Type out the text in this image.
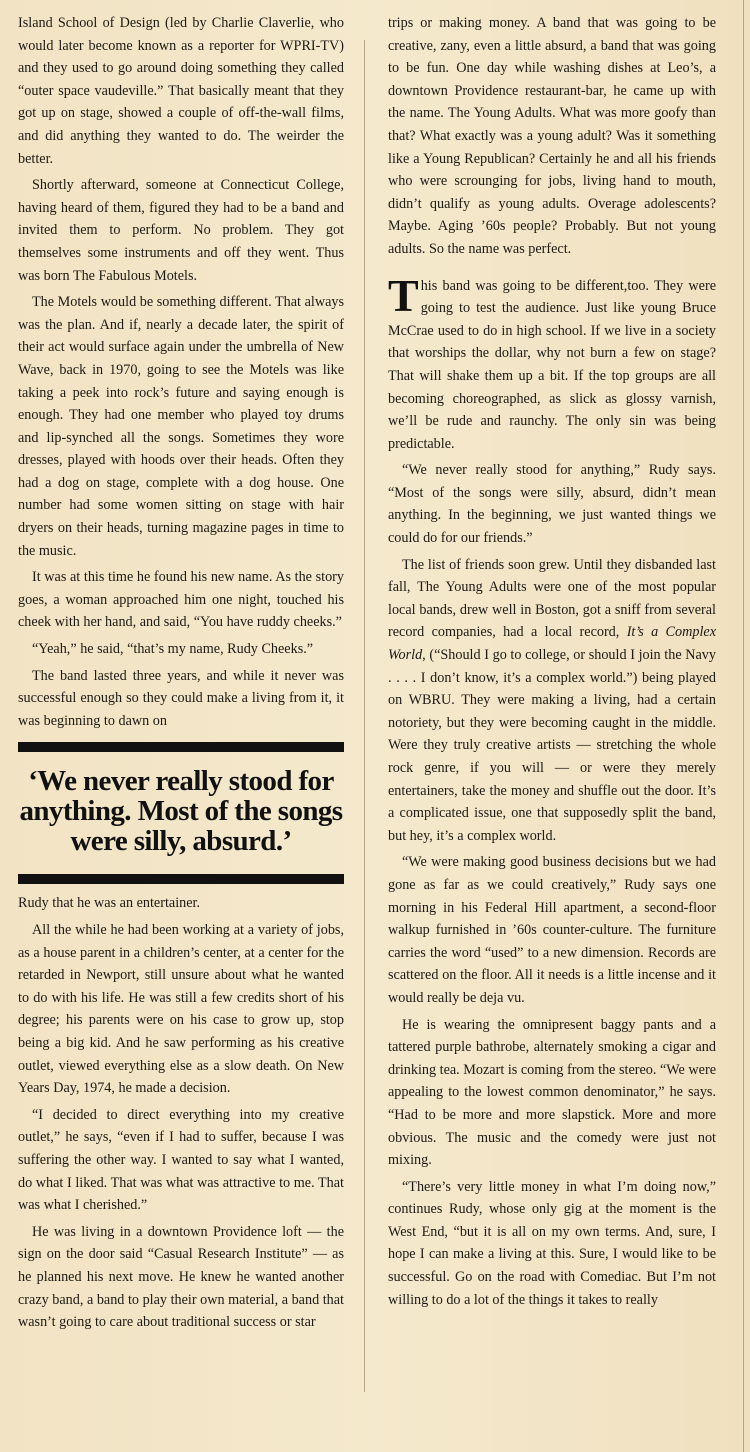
Island School of Design (led by Charlie Claverlie, who would later become known as a reporter for WPRI-TV) and they used to go around doing something they called “outer space vaudeville.” That basically meant that they got up on stage, showed a couple of off-the-wall films, and did anything they wanted to do. The weirder the better.

Shortly afterward, someone at Connecticut College, having heard of them, figured they had to be a band and invited them to perform. No problem. They got themselves some instruments and off they went. Thus was born The Fabulous Motels.

The Motels would be something different. That always was the plan. And if, nearly a decade later, the spirit of their act would surface again under the umbrella of New Wave, back in 1970, going to see the Motels was like taking a peek into rock’s future and saying enough is enough. They had one member who played toy drums and lip-synched all the songs. Sometimes they wore dresses, played with hoods over their heads. Often they had a dog on stage, complete with a dog house. One number had some women sitting on stage with hair dryers on their heads, turning magazine pages in time to the music.

It was at this time he found his new name. As the story goes, a woman approached him one night, touched his cheek with her hand, and said, “You have ruddy cheeks.”

“Yeah,” he said, “that’s my name, Rudy Cheeks.”

The band lasted three years, and while it never was successful enough so they could make a living from it, it was beginning to dawn on

‘We never really stood for anything. Most of the songs were silly, absurd.’

Rudy that he was an entertainer.

All the while he had been working at a variety of jobs, as a house parent in a children’s center, at a center for the retarded in Newport, still unsure about what he wanted to do with his life. He was still a few credits short of his degree; his parents were on his case to grow up, stop being a big kid. And he saw performing as his creative outlet, viewed everything else as a slow death. On New Years Day, 1974, he made a decision.

“I decided to direct everything into my creative outlet,” he says, “even if I had to suffer, because I was suffering the other way. I wanted to say what I wanted, do what I liked. That was what was attractive to me. That was what I cherished.”

He was living in a downtown Providence loft — the sign on the door said “Casual Research Institute” — as he planned his next move. He knew he wanted another crazy band, a band to play their own material, a band that wasn’t going to care about traditional success or star

trips or making money. A band that was going to be creative, zany, even a little absurd, a band that was going to be fun. One day while washing dishes at Leo’s, a downtown Providence restaurant-bar, he came up with the name. The Young Adults. What was more goofy than that? What exactly was a young adult? Was it something like a Young Republican? Certainly he and all his friends who were scrounging for jobs, living hand to mouth, didn’t qualify as young adults. Overage adolescents? Maybe. Aging ’60s people? Probably. But not young adults. So the name was perfect.

This band was going to be different,too. They were going to test the audience. Just like young Bruce McCrae used to do in high school. If we live in a society that worships the dollar, why not burn a few on stage? That will shake them up a bit. If the top groups are all becoming choreographed, as slick as glossy varnish, we’ll be rude and raunchy. The only sin was being predictable.

“We never really stood for anything,” Rudy says. “Most of the songs were silly, absurd, didn’t mean anything. In the beginning, we just wanted things we could do for our friends.”

The list of friends soon grew. Until they disbanded last fall, The Young Adults were one of the most popular local bands, drew well in Boston, got a sniff from several record companies, had a local record, It’s a Complex World, (“Should I go to college, or should I join the Navy . . . . I don’t know, it’s a complex world.”) being played on WBRU. They were making a living, had a certain notoriety, but they were becoming caught in the middle. Were they truly creative artists — stretching the whole rock genre, if you will — or were they merely entertainers, take the money and shuffle out the door. It’s a complicated issue, one that supposedly split the band, but hey, it’s a complex world.

“We were making good business decisions but we had gone as far as we could creatively,” Rudy says one morning in his Federal Hill apartment, a second-floor walkup furnished in ’60s counter-culture. The furniture carries the word “used” to a new dimension. Records are scattered on the floor. All it needs is a little incense and it would really be deja vu.

He is wearing the omnipresent baggy pants and a tattered purple bathrobe, alternately smoking a cigar and drinking tea. Mozart is coming from the stereo. “We were appealing to the lowest common denominator,” he says. “Had to be more and more slapstick. More and more obvious. The music and the comedy were just not mixing.

“There’s very little money in what I’m doing now,” continues Rudy, whose only gig at the moment is the West End, “but it is all on my own terms. And, sure, I hope I can make a living at this. Sure, I would like to be successful. Go on the road with Comediac. But I’m not willing to do a lot of the things it takes to really
